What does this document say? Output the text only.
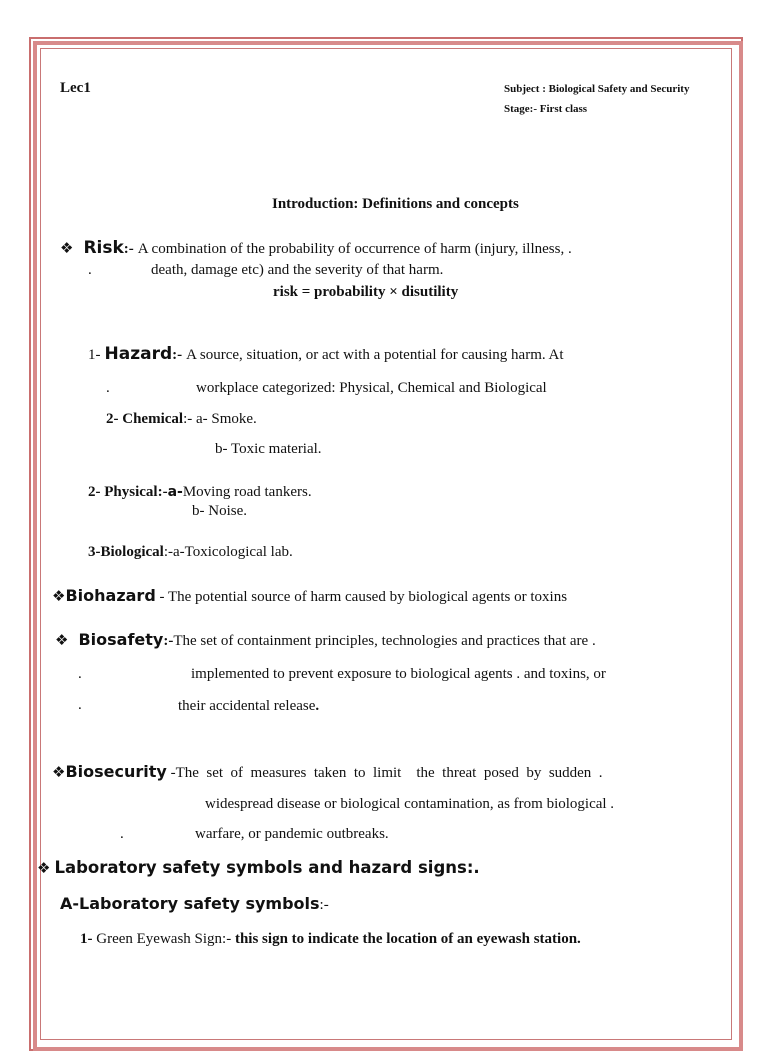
Lec1	Subject : Biological Safety and Security
Stage:- First class
Introduction: Definitions and concepts
❖ Risk:- A combination of the probability of occurrence of harm (injury, illness, .
.	death, damage etc) and the severity of that harm.
risk = probability × disutility
1- Hazard:- A source, situation, or act with a potential for causing harm. At
.	workplace categorized: Physical, Chemical and Biological
2- Chemical:- a- Smoke.
b- Toxic material.
2- Physical:-a-Moving road tankers.
b- Noise.
3-Biological:-a-Toxicological lab.
❖Biohazard - The potential source of harm caused by biological agents or toxins
❖ Biosafety:-The set of containment principles, technologies and practices that are .
.	implemented to prevent exposure to biological agents . and toxins, or
.	their accidental release.
❖Biosecurity -The  set  of  measures  taken  to  limit    the  threat  posed  by  sudden  .
widespread disease or biological contamination, as from biological .
.	warfare, or pandemic outbreaks.
❖ Laboratory safety symbols and hazard signs:.
A-Laboratory safety symbols:-
1- Green Eyewash Sign:- this sign to indicate the location of an eyewash station.
